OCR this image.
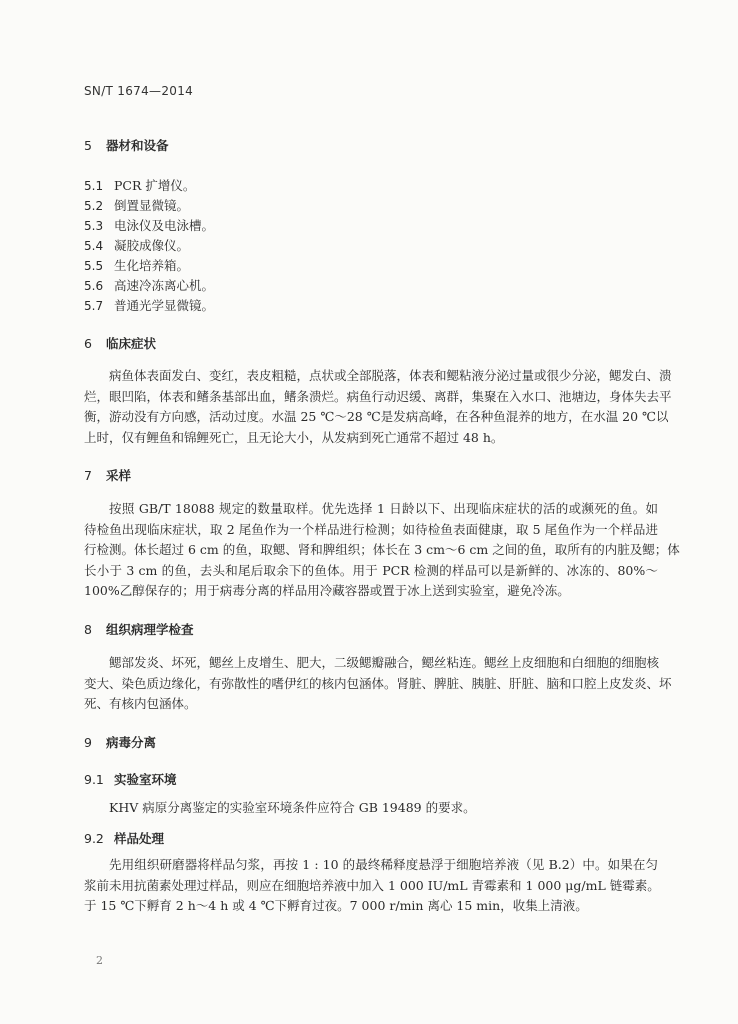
SN/T 1674—2014
5 器材和设备
5.1 PCR 扩增仪。
5.2 倒置显微镜。
5.3 电泳仪及电泳槽。
5.4 凝胶成像仪。
5.5 生化培养箱。
5.6 高速冷冻离心机。
5.7 普通光学显微镜。
6 临床症状
病鱼体表面发白、变红，表皮粗糙，点状或全部脱落，体表和鳃粘液分泌过量或很少分泌，鳃发白、溃
烂，眼凹陷，体表和鳍条基部出血，鳍条溃烂。病鱼行动迟缓、离群，集聚在入水口、池塘边，身体失去平
衡，游动没有方向感，活动过度。水温 25 ℃～28 ℃是发病高峰，在各种鱼混养的地方，在水温 20 ℃以
上时，仅有鲤鱼和锦鲤死亡，且无论大小，从发病到死亡通常不超过 48 h。
7 采样
按照 GB/T 18088 规定的数量取样。优先选择 1 日龄以下、出现临床症状的活的或濒死的鱼。如
待检鱼出现临床症状，取 2 尾鱼作为一个样品进行检测；如待检鱼表面健康，取 5 尾鱼作为一个样品进
行检测。体长超过 6 cm 的鱼，取鳃、肾和脾组织；体长在 3 cm～6 cm 之间的鱼，取所有的内脏及鳃；体
长小于 3 cm 的鱼，去头和尾后取余下的鱼体。用于 PCR 检测的样品可以是新鲜的、冰冻的、80%～
100%乙醇保存的；用于病毒分离的样品用冷藏容器或置于冰上送到实验室，避免冷冻。
8 组织病理学检查
鳃部发炎、坏死，鳃丝上皮增生、肥大，二级鳃瓣融合，鳃丝粘连。鳃丝上皮细胞和白细胞的细胞核
变大、染色质边缘化，有弥散性的嗜伊红的核内包涵体。肾脏、脾脏、胰脏、肝脏、脑和口腔上皮发炎、坏
死、有核内包涵体。
9 病毒分离
9.1 实验室环境
KHV 病原分离鉴定的实验室环境条件应符合 GB 19489 的要求。
9.2 样品处理
先用组织研磨器将样品匀浆，再按 1 : 10 的最终稀释度悬浮于细胞培养液（见 B.2）中。如果在匀
浆前未用抗菌素处理过样品，则应在细胞培养液中加入 1 000 IU/mL 青霉素和 1 000 μg/mL 链霉素。
于 15 ℃下孵育 2 h～4 h 或 4 ℃下孵育过夜。7 000 r/min 离心 15 min，收集上清液。
2
